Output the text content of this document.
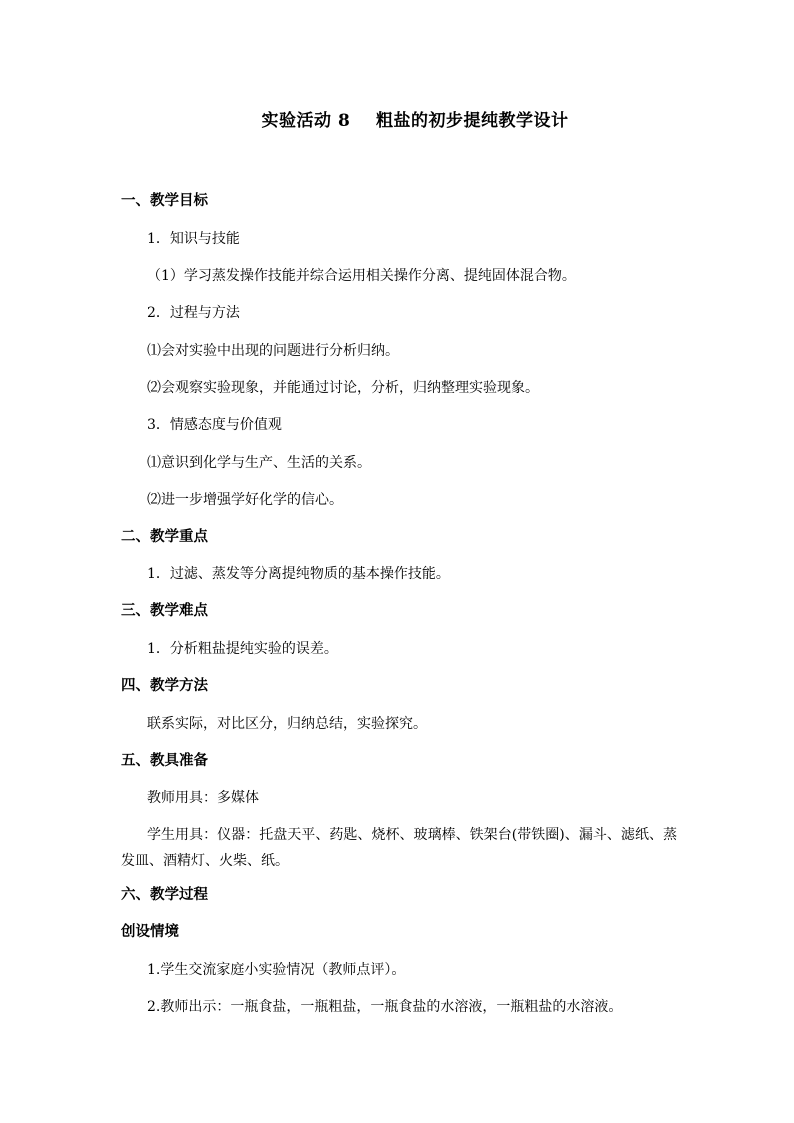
实验活动 8    粗盐的初步提纯教学设计
一、教学目标
1．知识与技能
（1）学习蒸发操作技能并综合运用相关操作分离、提纯固体混合物。
2．过程与方法
⑴会对实验中出现的问题进行分析归纳。
⑵会观察实验现象，并能通过讨论，分析，归纳整理实验现象。
3．情感态度与价值观
⑴意识到化学与生产、生活的关系。
⑵进一步增强学好化学的信心。
二、教学重点
1．过滤、蒸发等分离提纯物质的基本操作技能。
三、教学难点
1．分析粗盐提纯实验的误差。
四、教学方法
联系实际，对比区分，归纳总结，实验探究。
五、教具准备
教师用具：多媒体
学生用具：仪器：托盘天平、药匙、烧杯、玻璃棒、铁架台(带铁圈)、漏斗、滤纸、蒸发皿、酒精灯、火柴、纸。
六、教学过程
创设情境
1.学生交流家庭小实验情况（教师点评）。
2.教师出示：一瓶食盐，一瓶粗盐，一瓶食盐的水溶液，一瓶粗盐的水溶液。
